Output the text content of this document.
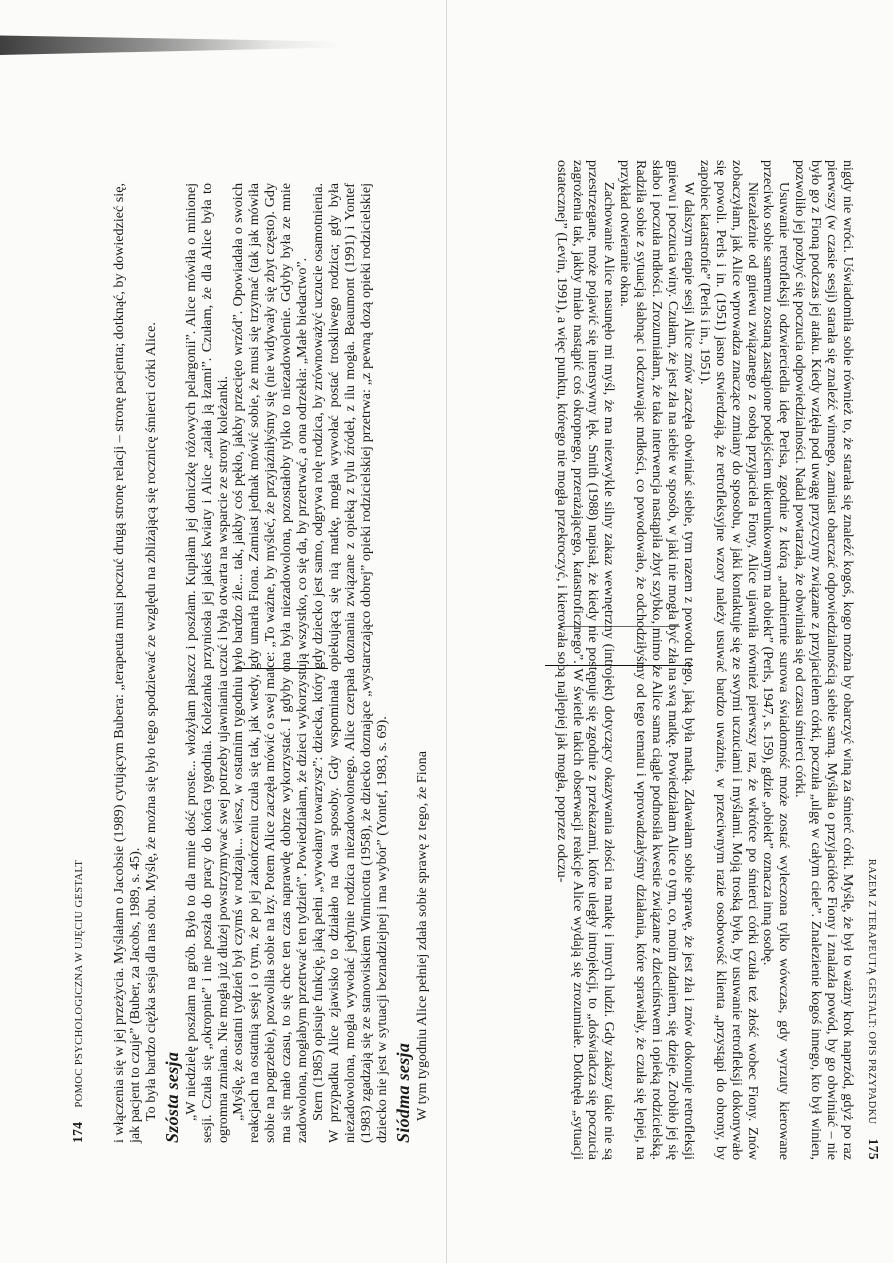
174
POMOC PSYCHOLOGICZNA W UJĘCIU GESTALT i włączenia się w jej przeżycia. Myślałam o Jacobsie (1989) cytującym Bubera: „terapeuta musi poczuć drugą stronę relacji – stronę pacjenta; dotknąć, by dowiedzieć się, jak pacjent to czuje” (Buber, za Jacobs, 1989, s. 45). To była bardzo ciężka sesja dla nas obu. Myślę, że można się było tego spodziewać ze względu na zbliżającą się rocznicę śmierci córki Alice. Szósta sesja „W niedzielę poszłam na grób. Było to dla mnie dość proste... włożyłam płaszcz i poszłam. Kupiłam jej doniczkę różowych pelargonii”. Alice mówiła o minionej sesji. Czuła się „okropnie” i nie poszła do pracy do końca tygodnia. Koleżanka przyniosła jej jakieś kwiaty i Alice „zalała ją łzami”. Czułam, że dla Alice była to ogromna zmiana. Nie mogła już dłużej powstrzymywać swej potrzeby ujawniania uczuć i była otwarta na wsparcie ze strony koleżanki. „Myślę, że ostatni tydzień był czymś w rodzaju... wiesz, w ostatnim tygodniu było bardzo źle... tak, jakby coś pękło, jakby przecięto wrzód”. Opowiadała o swoich reakcjach na ostatnią sesję i o tym, że po jej zakończeniu czuła się tak, jak wtedy, gdy umarła Fiona. Zamiast jednak mówić sobie, że musi się trzymać (tak jak mówiła sobie na pogrzebie), pozwoliła sobie na łzy. Potem Alice zaczęła mówić o swej matce: „To ważne, by myśleć, że przyjaźniłyśmy się (nie widywały się zbyt często). Gdy ma się mało czasu, to się chce ten czas naprawdę dobrze wykorzystać. I gdyby ona była niezadowolona, pozostałoby tylko to niezadowolenie. Gdyby była ze mnie zadowolona, mogłabym przetrwać ten tydzień”. Powiedziałam, że dzieci wykorzystują wszystko, co się da, by przetrwać, a ona odrzekła: „Małe biedactwo”. Stern (1985) opisuje funkcję, jaką pełni „wywołany towarzysz”: dziecka, który gdy dziecko jest samo, odgrywa rolę rodzica, by zrównoważyć uczucie osamotnienia. W przypadku Alice zjawisko to działało na dwa sposoby. Gdy wspominała opiekującą się nią matkę, mogła wywołać postać troskliwego rodzica; gdy była niezadowolona, mogła wywołać jedynie rodzica niezadowolonego. Alice czerpała doznania związane z opieką z tylu źródeł, z ilu mogła. Beaumont (1991) i Yontef (1983) zgadzają się ze stanowiskiem Winnicotta (1958), że dziecko doznające „wystarczająco dobrej” opieki rodzicielskiej przetrwa: „z pewną dozą opieki rodzicielskiej dziecko nie jest w sytuacji beznadziejnej i ma wybór” (Yontef, 1983, s. 69). Siódma sesja W tym tygodniu Alice pełniej zdała sobie sprawę z tego, że Fiona	RAZEM Z TERAPEUTĄ GESTALT: OPIS PRZYPADKU
175

nigdy nie wróci. Uświadomiła sobie również to, że starała się znaleźć kogoś, kogo można by obarczyć winą za śmierć córki. Myślę, że był to ważny krok naprzód, gdyż po raz pierwszy (w czasie sesji) starała się znaleźć winnego, zamiast obarczać odpowiedzialnością siebie samą. Myślała o przyjaciółce Fiony i znalazła powód, by go obwiniać – nie było go z Fioną podczas jej ataku. Kiedy wzięła pod uwagę przyczyny związane z przyjacielem córki, poczuła „ulgę w całym ciele”. Znalezienie kogoś innego, kto był winien, pozwoliło jej pozbyć się poczucia odpowiedzialności. Nadal powtarzała, że obwiniała się od czasu śmierci córki.

Usuwanie retrofleksji odzwierciedla ideę Perlsa, zgodnie z którą „nadmiernie surowa świadomość może zostać wyleczona tylko wówczas, gdy wyrzuty kierowane przeciwko sobie samemu zostaną zastąpione podejściem ukierunkowanym na obiekt” (Perls, 1947, s. 159), gdzie „obiekt” oznacza inną osobę.

Niezależnie od gniewu związanego z osobą przyjaciela Fiony, Alice ujawniła również pierwszy raz, że wkrótce po śmierci córki czuła też złość wobec Fiony. Znów zobaczyłam, jak Alice wprowadza znaczące zmiany do sposobu, w jaki kontaktuje się ze swymi uczuciami i myślami. Moją troską było, by usuwanie retrofleksji dokonywało się powoli. Perls i in. (1951) jasno stwierdzają, że retrofleksyjne wzory należy usuwać bardzo uważnie, w przeciwnym razie osobowość klienta „przystąpi do obrony, by zapobiec katastrofie” (Perls i in., 1951).

W dalszym etapie sesji Alice znów zaczęła obwiniać siebie, tym razem z powodu tego, jaką była matką. Zdawałam sobie sprawę, że jest zła i znów dokonuje retrofleksji gniewu i poczucia winy. Czułam, że jest zła na siebie w sposób, w jaki nie mogła być zła na swą matkę. Powiedziałam Alice o tym, co, moim zdaniem, się dzieje. Zrobiło jej się słabo i poczuła mdłości. Zrozumiałam, że taka interwencja nastąpiła zbyt szybko, mimo że Alice sama ciągle podnosiła kwestie związane z dzieciństwem i opieką rodzicielską. Radziła sobie z sytuacją słabnąc i odczuwając mdłości, co powodowało, że odchodziłyśmy od tego tematu i wprowadzałyśmy działania, które sprawiały, że czuła się lepiej, na przykład otwieranie okna.

Zachowanie Alice nasunęło mi myśl, że ma niezwykle silny zakaz wewnętrzny (introjekt) dotyczący okazywania złości na matkę i innych ludzi. Gdy zakazy takie nie są przestrzegane, może pojawić się intensywny lęk. Smith (1988) napisał, że kiedy nie postępuje się zgodnie z przekazami, które uległy introjekcji, to „doświadcza się poczucia zagrożenia tak, jakby miało nastąpić coś okropnego, przerażającego, katastroficznego”. W świetle takich obserwacji reakcje Alice wydają się zrozumiałe. Dotknęła „sytuacji ostatecznej” (Levin, 1991), a więc punktu, którego nie mogła przekroczyć, i kierowała sobą najlepiej jak mogła, poprzez odczu-
